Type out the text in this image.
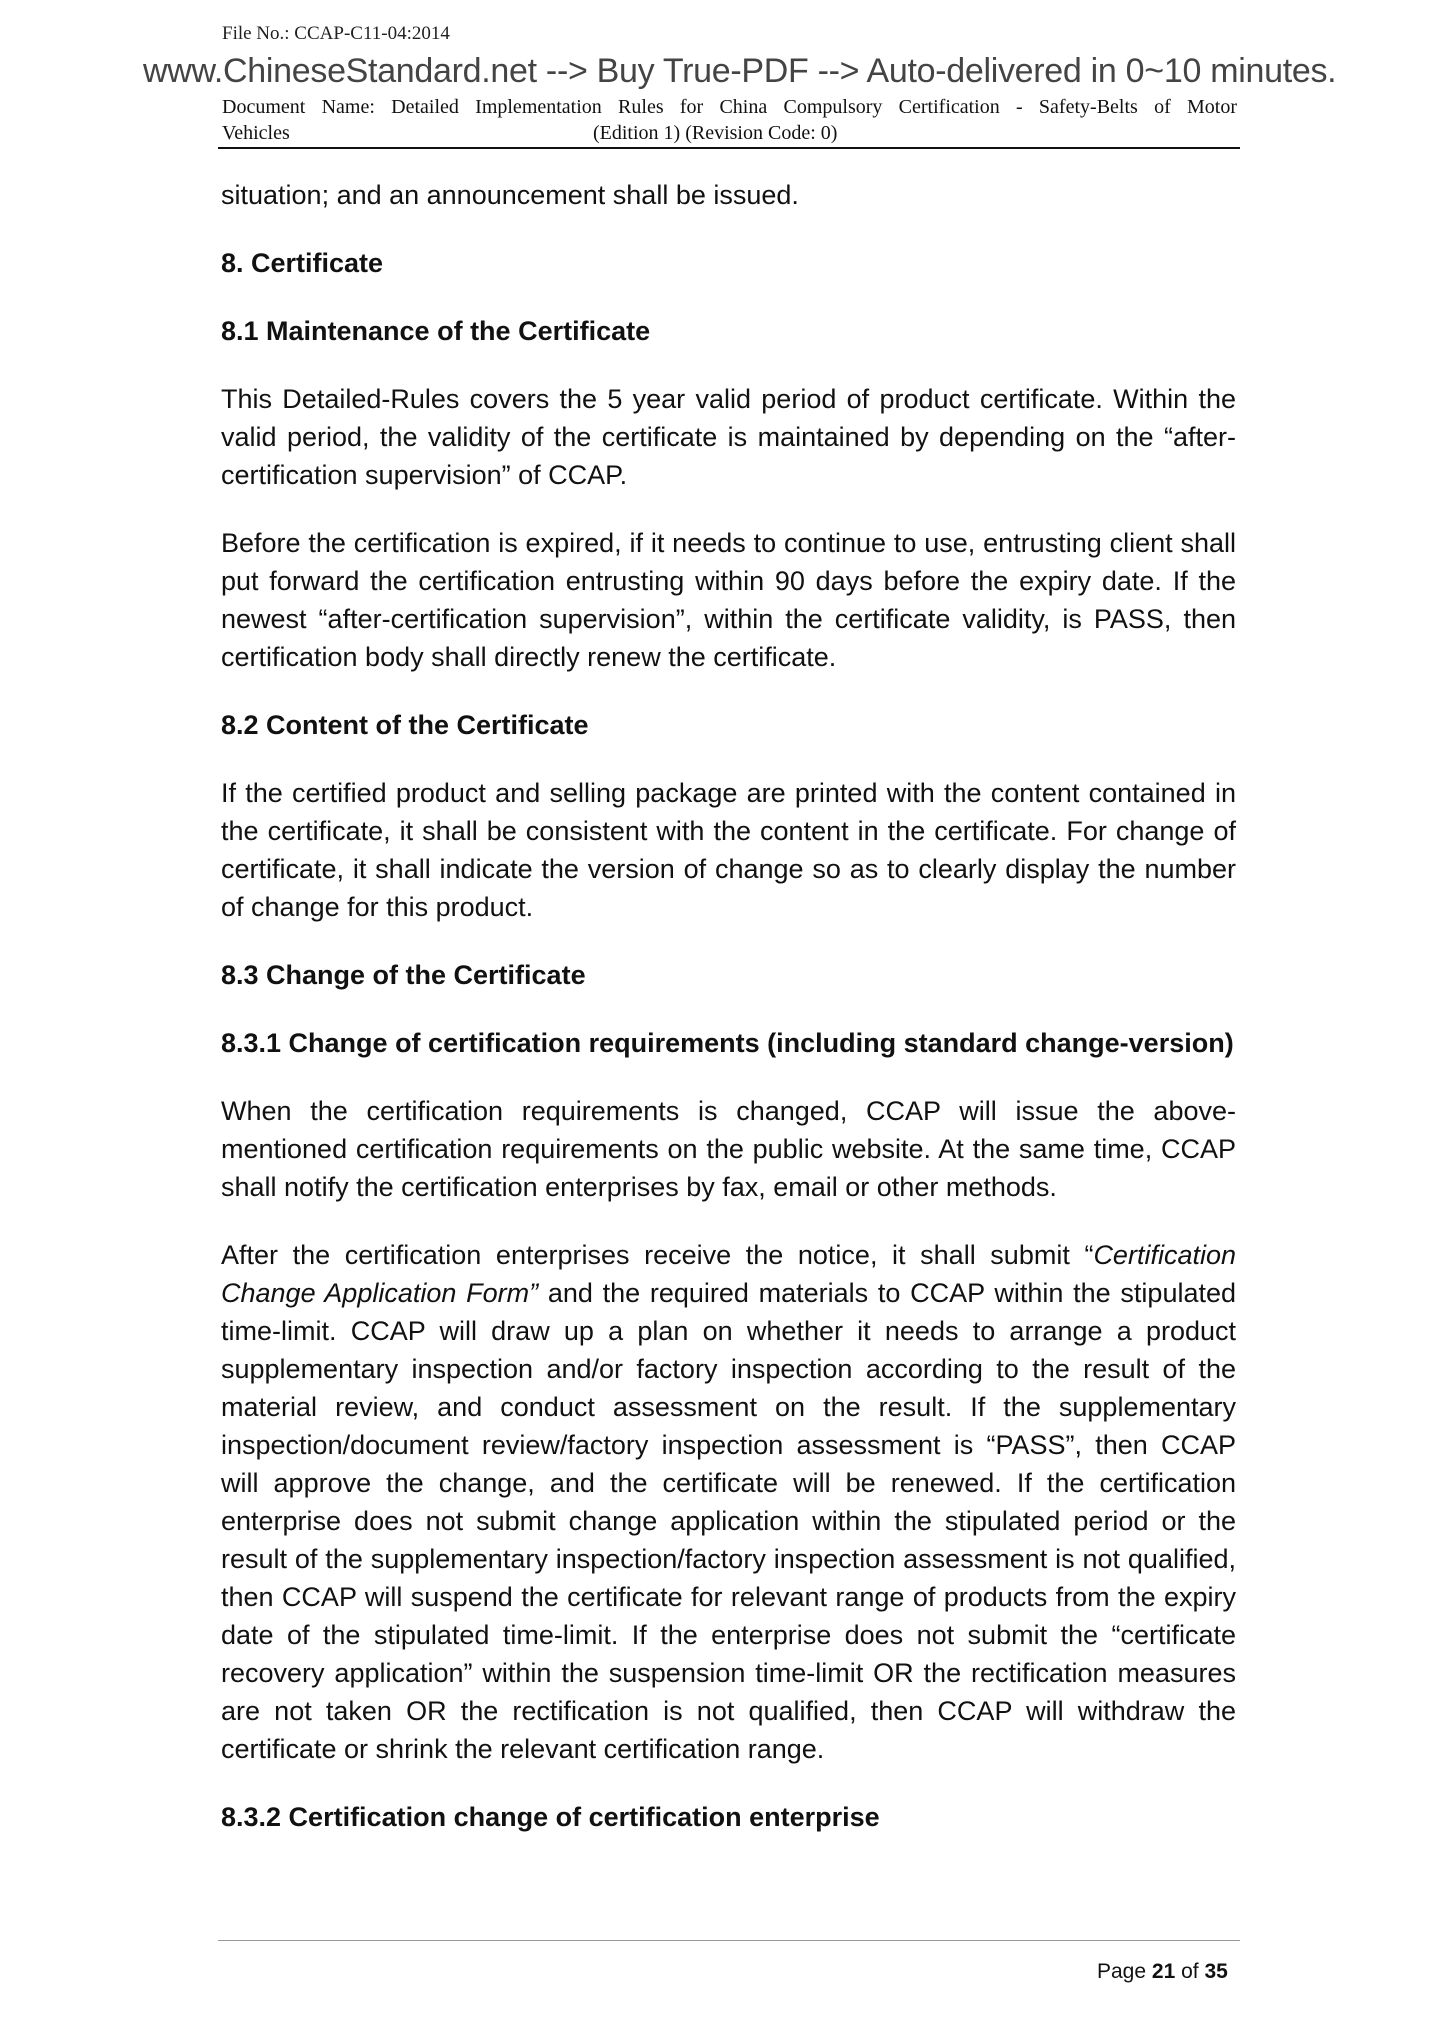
File No.: CCAP-C11-04:2014
www.ChineseStandard.net --> Buy True-PDF --> Auto-delivered in 0~10 minutes.
Document Name: Detailed Implementation Rules for China Compulsory Certification - Safety-Belts of Motor
Vehicles	(Edition 1) (Revision Code: 0)

situation; and an announcement shall be issued.

8. Certificate
8.1 Maintenance of the Certificate

This Detailed-Rules covers the 5 year valid period of product certificate. Within the valid period, the validity of the certificate is maintained by depending on the “after-certification supervision” of CCAP.

Before the certification is expired, if it needs to continue to use, entrusting client shall put forward the certification entrusting within 90 days before the expiry date. If the newest “after-certification supervision”, within the certificate validity, is PASS, then certification body shall directly renew the certificate.

8.2 Content of the Certificate

If the certified product and selling package are printed with the content contained in the certificate, it shall be consistent with the content in the certificate. For change of certificate, it shall indicate the version of change so as to clearly display the number of change for this product.

8.3 Change of the Certificate
8.3.1 Change of certification requirements (including standard change-version)

When the certification requirements is changed, CCAP will issue the above-mentioned certification requirements on the public website. At the same time, CCAP shall notify the certification enterprises by fax, email or other methods.

After the certification enterprises receive the notice, it shall submit “Certification Change Application Form” and the required materials to CCAP within the stipulated time-limit. CCAP will draw up a plan on whether it needs to arrange a product supplementary inspection and/or factory inspection according to the result of the material review, and conduct assessment on the result. If the supplementary inspection/document review/factory inspection assessment is “PASS”, then CCAP will approve the change, and the certificate will be renewed. If the certification enterprise does not submit change application within the stipulated period or the result of the supplementary inspection/factory inspection assessment is not qualified, then CCAP will suspend the certificate for relevant range of products from the expiry date of the stipulated time-limit. If the enterprise does not submit the “certificate recovery application” within the suspension time-limit OR the rectification measures are not taken OR the rectification is not qualified, then CCAP will withdraw the certificate or shrink the relevant certification range.

8.3.2 Certification change of certification enterprise
Page 21 of 35
